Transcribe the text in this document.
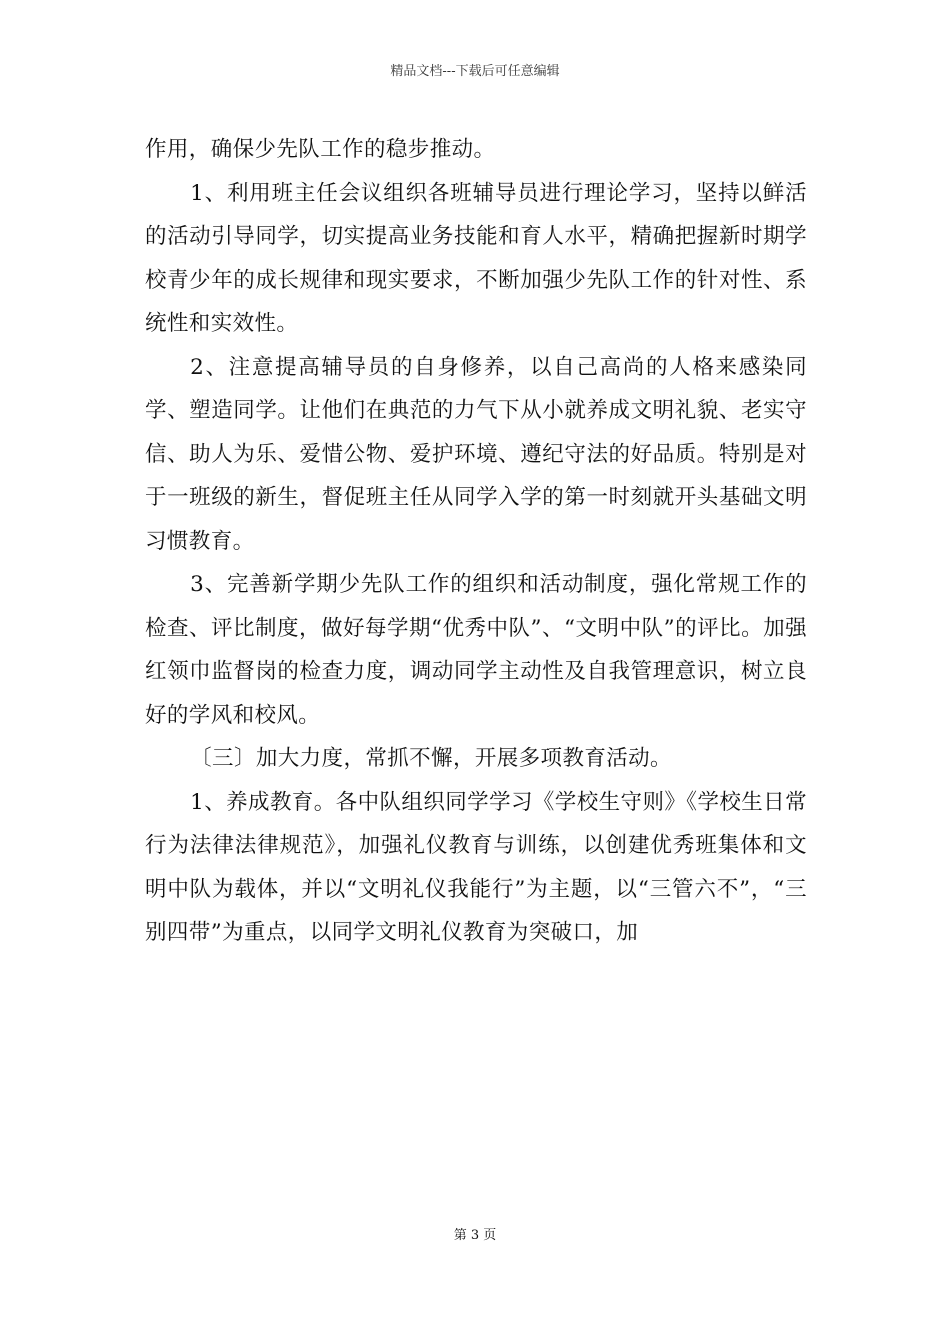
精品文档---下载后可任意编辑

作用，确保少先队工作的稳步推动。

1、利用班主任会议组织各班辅导员进行理论学习，坚持以鲜活的活动引导同学，切实提高业务技能和育人水平，精确把握新时期学校青少年的成长规律和现实要求，不断加强少先队工作的针对性、系统性和实效性。

2、注意提高辅导员的自身修养，以自己高尚的人格来感染同学、塑造同学。让他们在典范的力气下从小就养成文明礼貌、老实守信、助人为乐、爱惜公物、爱护环境、遵纪守法的好品质。特别是对于一班级的新生，督促班主任从同学入学的第一时刻就开头基础文明习惯教育。

3、完善新学期少先队工作的组织和活动制度，强化常规工作的检查、评比制度，做好每学期“优秀中队”、“文明中队”的评比。加强红领巾监督岗的检查力度，调动同学主动性及自我管理意识，树立良好的学风和校风。

〔三〕加大力度，常抓不懈，开展多项教育活动。

1、养成教育。各中队组织同学学习《学校生守则》《学校生日常行为法律法律规范》，加强礼仪教育与训练，以创建优秀班集体和文明中队为载体，并以“文明礼仪我能行”为主题，以“三管六不”，“三别四带”为重点，以同学文明礼仪教育为突破口，加

第 3 页
